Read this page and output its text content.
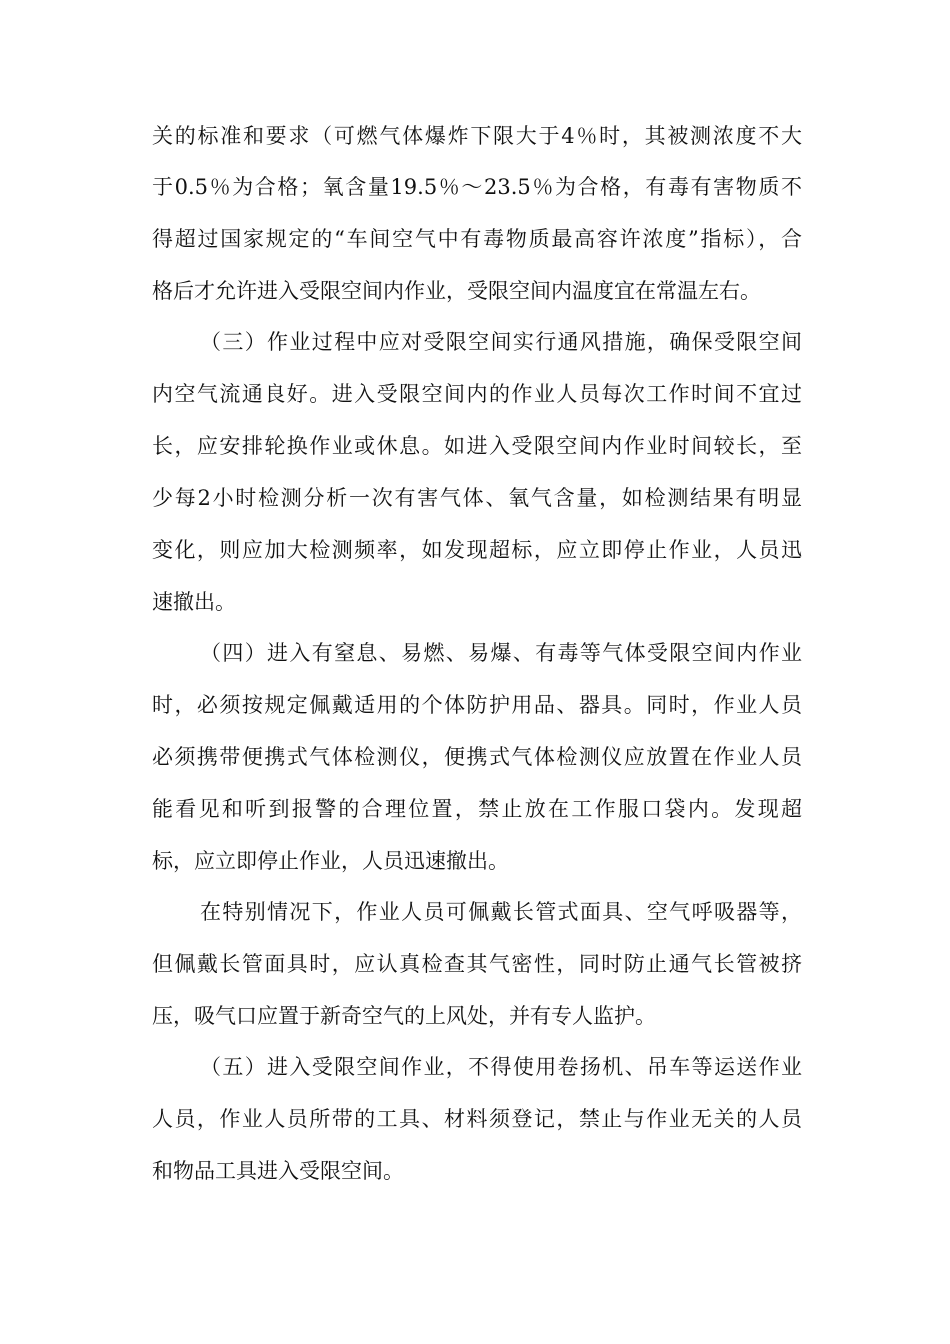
关的标准和要求（可燃气体爆炸下限大于4％时，其被测浓度不大
于0.5％为合格；氧含量19.5％～23.5％为合格，有毒有害物质不
得超过国家规定的“车间空气中有毒物质最高容许浓度”指标），合
格后才允许进入受限空间内作业，受限空间内温度宜在常温左右。
（三）作业过程中应对受限空间实行通风措施，确保受限空间
内空气流通良好。进入受限空间内的作业人员每次工作时间不宜过
长，应安排轮换作业或休息。如进入受限空间内作业时间较长，至
少每2小时检测分析一次有害气体、氧气含量，如检测结果有明显
变化，则应加大检测频率，如发现超标，应立即停止作业，人员迅
速撤出。
（四）进入有窒息、易燃、易爆、有毒等气体受限空间内作业
时，必须按规定佩戴适用的个体防护用品、器具。同时，作业人员
必须携带便携式气体检测仪，便携式气体检测仪应放置在作业人员
能看见和听到报警的合理位置，禁止放在工作服口袋内。发现超
标，应立即停止作业，人员迅速撤出。
在特别情况下，作业人员可佩戴长管式面具、空气呼吸器等，
但佩戴长管面具时，应认真检查其气密性，同时防止通气长管被挤
压，吸气口应置于新奇空气的上风处，并有专人监护。
（五）进入受限空间作业，不得使用卷扬机、吊车等运送作业
人员，作业人员所带的工具、材料须登记，禁止与作业无关的人员
和物品工具进入受限空间。
